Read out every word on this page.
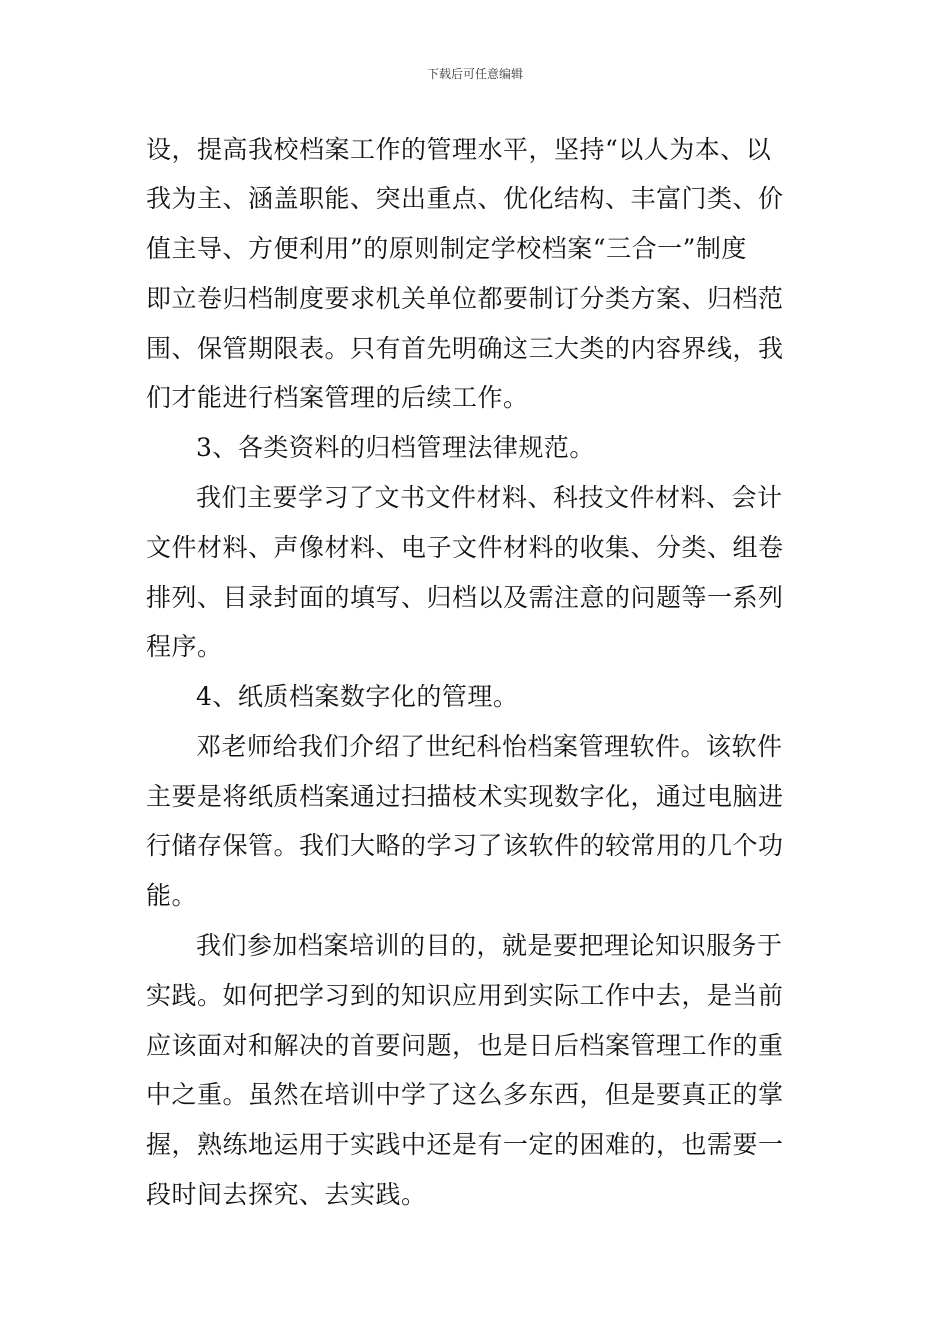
下载后可任意编辑
设，提高我校档案工作的管理水平，坚持“以人为本、以
我为主、涵盖职能、突出重点、优化结构、丰富门类、价
值主导、方便利用”的原则制定学校档案“三合一”制度
即立卷归档制度要求机关单位都要制订分类方案、归档范
围、保管期限表。只有首先明确这三大类的内容界线，我
们才能进行档案管理的后续工作。
3、各类资料的归档管理法律规范。
我们主要学习了文书文件材料、科技文件材料、会计
文件材料、声像材料、电子文件材料的收集、分类、组卷
排列、目录封面的填写、归档以及需注意的问题等一系列
程序。
4、纸质档案数字化的管理。
邓老师给我们介绍了世纪科怡档案管理软件。该软件
主要是将纸质档案通过扫描枝术实现数字化，通过电脑进
行储存保管。我们大略的学习了该软件的较常用的几个功
能。
我们参加档案培训的目的，就是要把理论知识服务于
实践。如何把学习到的知识应用到实际工作中去，是当前
应该面对和解决的首要问题，也是日后档案管理工作的重
中之重。虽然在培训中学了这么多东西，但是要真正的掌
握，熟练地运用于实践中还是有一定的困难的，也需要一
段时间去探究、去实践。
